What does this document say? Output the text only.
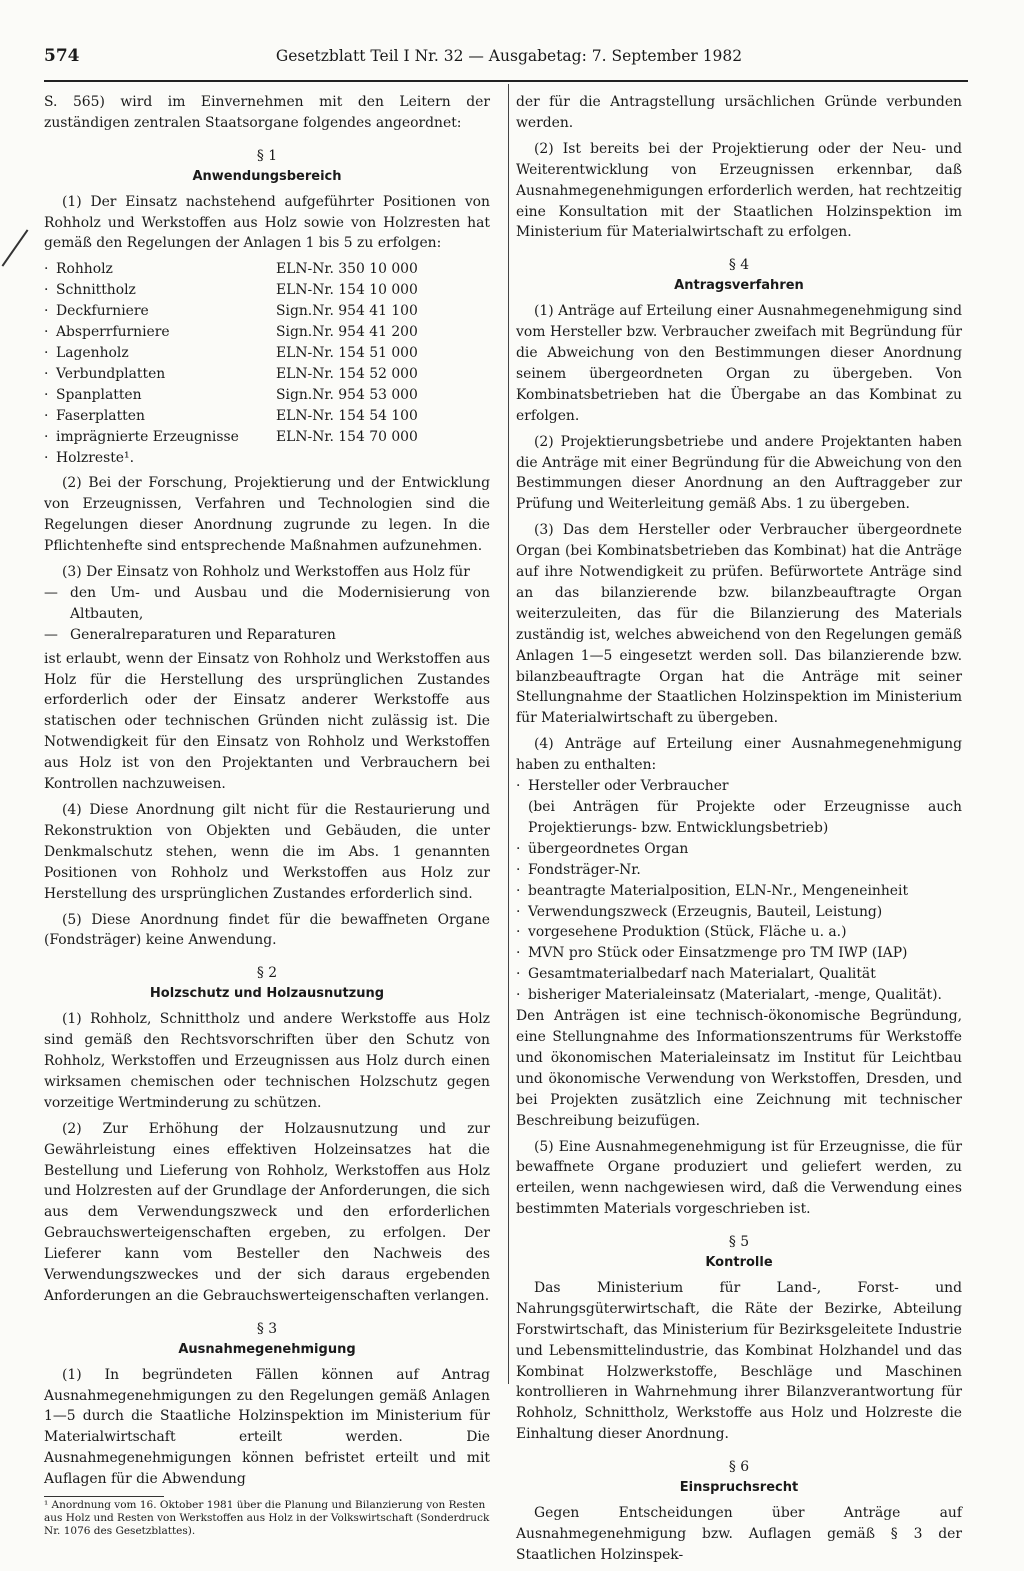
574	Gesetzblatt Teil I Nr. 32 — Ausgabetag: 7. September 1982

S. 565) wird im Einvernehmen mit den Leitern der zuständigen zentralen Staatsorgane folgendes angeordnet:

§ 1

Anwendungsbereich

(1) Der Einsatz nachstehend aufgeführter Positionen von Rohholz und Werkstoffen aus Holz sowie von Holzresten hat gemäß den Regelungen der Anlagen 1 bis 5 zu erfolgen:

· Rohholz	ELN-Nr. 350 10 000
· Schnittholz	ELN-Nr. 154 10 000
· Deckfurniere	Sign.Nr. 954 41 100
· Absperrfurniere	Sign.Nr. 954 41 200
· Lagenholz	ELN-Nr. 154 51 000
· Verbundplatten	ELN-Nr. 154 52 000
· Spanplatten	Sign.Nr. 954 53 000
· Faserplatten	ELN-Nr. 154 54 100
· imprägnierte Erzeugnisse	ELN-Nr. 154 70 000
· Holzreste¹.

(2) Bei der Forschung, Projektierung und der Entwicklung von Erzeugnissen, Verfahren und Technologien sind die Regelungen dieser Anordnung zugrunde zu legen. In die Pflichtenhefte sind entsprechende Maßnahmen aufzunehmen.

(3) Der Einsatz von Rohholz und Werkstoffen aus Holz für

— den Um- und Ausbau und die Modernisierung von Altbauten,
— Generalreparaturen und Reparaturen

ist erlaubt, wenn der Einsatz von Rohholz und Werkstoffen aus Holz für die Herstellung des ursprünglichen Zustandes erforderlich oder der Einsatz anderer Werkstoffe aus statischen oder technischen Gründen nicht zulässig ist. Die Notwendigkeit für den Einsatz von Rohholz und Werkstoffen aus Holz ist von den Projektanten und Verbrauchern bei Kontrollen nachzuweisen.

(4) Diese Anordnung gilt nicht für die Restaurierung und Rekonstruktion von Objekten und Gebäuden, die unter Denkmalschutz stehen, wenn die im Abs. 1 genannten Positionen von Rohholz und Werkstoffen aus Holz zur Herstellung des ursprünglichen Zustandes erforderlich sind.

(5) Diese Anordnung findet für die bewaffneten Organe (Fondsträger) keine Anwendung.

§ 2

Holzschutz und Holzausnutzung

(1) Rohholz, Schnittholz und andere Werkstoffe aus Holz sind gemäß den Rechtsvorschriften über den Schutz von Rohholz, Werkstoffen und Erzeugnissen aus Holz durch einen wirksamen chemischen oder technischen Holzschutz gegen vorzeitige Wertminderung zu schützen.

(2) Zur Erhöhung der Holzausnutzung und zur Gewährleistung eines effektiven Holzeinsatzes hat die Bestellung und Lieferung von Rohholz, Werkstoffen aus Holz und Holzresten auf der Grundlage der Anforderungen, die sich aus dem Verwendungszweck und den erforderlichen Gebrauchswerteigenschaften ergeben, zu erfolgen. Der Lieferer kann vom Besteller den Nachweis des Verwendungszweckes und der sich daraus ergebenden Anforderungen an die Gebrauchswerteigenschaften verlangen.

§ 3

Ausnahmegenehmigung

(1) In begründeten Fällen können auf Antrag Ausnahmegenehmigungen zu den Regelungen gemäß Anlagen 1—5 durch die Staatliche Holzinspektion im Ministerium für Materialwirtschaft erteilt werden. Die Ausnahmegenehmigungen können befristet erteilt und mit Auflagen für die Abwendung

¹ Anordnung vom 16. Oktober 1981 über die Planung und Bilanzierung von Resten aus Holz und Resten von Werkstoffen aus Holz in der Volkswirtschaft (Sonderdruck Nr. 1076 des Gesetzblattes).

der für die Antragstellung ursächlichen Gründe verbunden werden.

(2) Ist bereits bei der Projektierung oder der Neu- und Weiterentwicklung von Erzeugnissen erkennbar, daß Ausnahmegenehmigungen erforderlich werden, hat rechtzeitig eine Konsultation mit der Staatlichen Holzinspektion im Ministerium für Materialwirtschaft zu erfolgen.

§ 4

Antragsverfahren

(1) Anträge auf Erteilung einer Ausnahmegenehmigung sind vom Hersteller bzw. Verbraucher zweifach mit Begründung für die Abweichung von den Bestimmungen dieser Anordnung seinem übergeordneten Organ zu übergeben. Von Kombinatsbetrieben hat die Übergabe an das Kombinat zu erfolgen.

(2) Projektierungsbetriebe und andere Projektanten haben die Anträge mit einer Begründung für die Abweichung von den Bestimmungen dieser Anordnung an den Auftraggeber zur Prüfung und Weiterleitung gemäß Abs. 1 zu übergeben.

(3) Das dem Hersteller oder Verbraucher übergeordnete Organ (bei Kombinatsbetrieben das Kombinat) hat die Anträge auf ihre Notwendigkeit zu prüfen. Befürwortete Anträge sind an das bilanzierende bzw. bilanzbeauftragte Organ weiterzuleiten, das für die Bilanzierung des Materials zuständig ist, welches abweichend von den Regelungen gemäß Anlagen 1—5 eingesetzt werden soll. Das bilanzierende bzw. bilanzbeauftragte Organ hat die Anträge mit seiner Stellungnahme der Staatlichen Holzinspektion im Ministerium für Materialwirtschaft zu übergeben.

(4) Anträge auf Erteilung einer Ausnahmegenehmigung haben zu enthalten:

· Hersteller oder Verbraucher
(bei Anträgen für Projekte oder Erzeugnisse auch Projektierungs- bzw. Entwicklungsbetrieb)
· übergeordnetes Organ
· Fondsträger-Nr.
· beantragte Materialposition, ELN-Nr., Mengeneinheit
· Verwendungszweck (Erzeugnis, Bauteil, Leistung)
· vorgesehene Produktion (Stück, Fläche u. a.)
· MVN pro Stück oder Einsatzmenge pro TM IWP (IAP)
· Gesamtmaterialbedarf nach Materialart, Qualität
· bisheriger Materialeinsatz (Materialart, -menge, Qualität).

Den Anträgen ist eine technisch-ökonomische Begründung, eine Stellungnahme des Informationszentrums für Werkstoffe und ökonomischen Materialeinsatz im Institut für Leichtbau und ökonomische Verwendung von Werkstoffen, Dresden, und bei Projekten zusätzlich eine Zeichnung mit technischer Beschreibung beizufügen.

(5) Eine Ausnahmegenehmigung ist für Erzeugnisse, die für bewaffnete Organe produziert und geliefert werden, zu erteilen, wenn nachgewiesen wird, daß die Verwendung eines bestimmten Materials vorgeschrieben ist.

§ 5

Kontrolle

Das Ministerium für Land-, Forst- und Nahrungsgüterwirtschaft, die Räte der Bezirke, Abteilung Forstwirtschaft, das Ministerium für Bezirksgeleitete Industrie und Lebensmittelindustrie, das Kombinat Holzhandel und das Kombinat Holzwerkstoffe, Beschläge und Maschinen kontrollieren in Wahrnehmung ihrer Bilanzverantwortung für Rohholz, Schnittholz, Werkstoffe aus Holz und Holzreste die Einhaltung dieser Anordnung.

§ 6

Einspruchsrecht

Gegen Entscheidungen über Anträge auf Ausnahmegenehmigung bzw. Auflagen gemäß § 3 der Staatlichen Holzinspek-
